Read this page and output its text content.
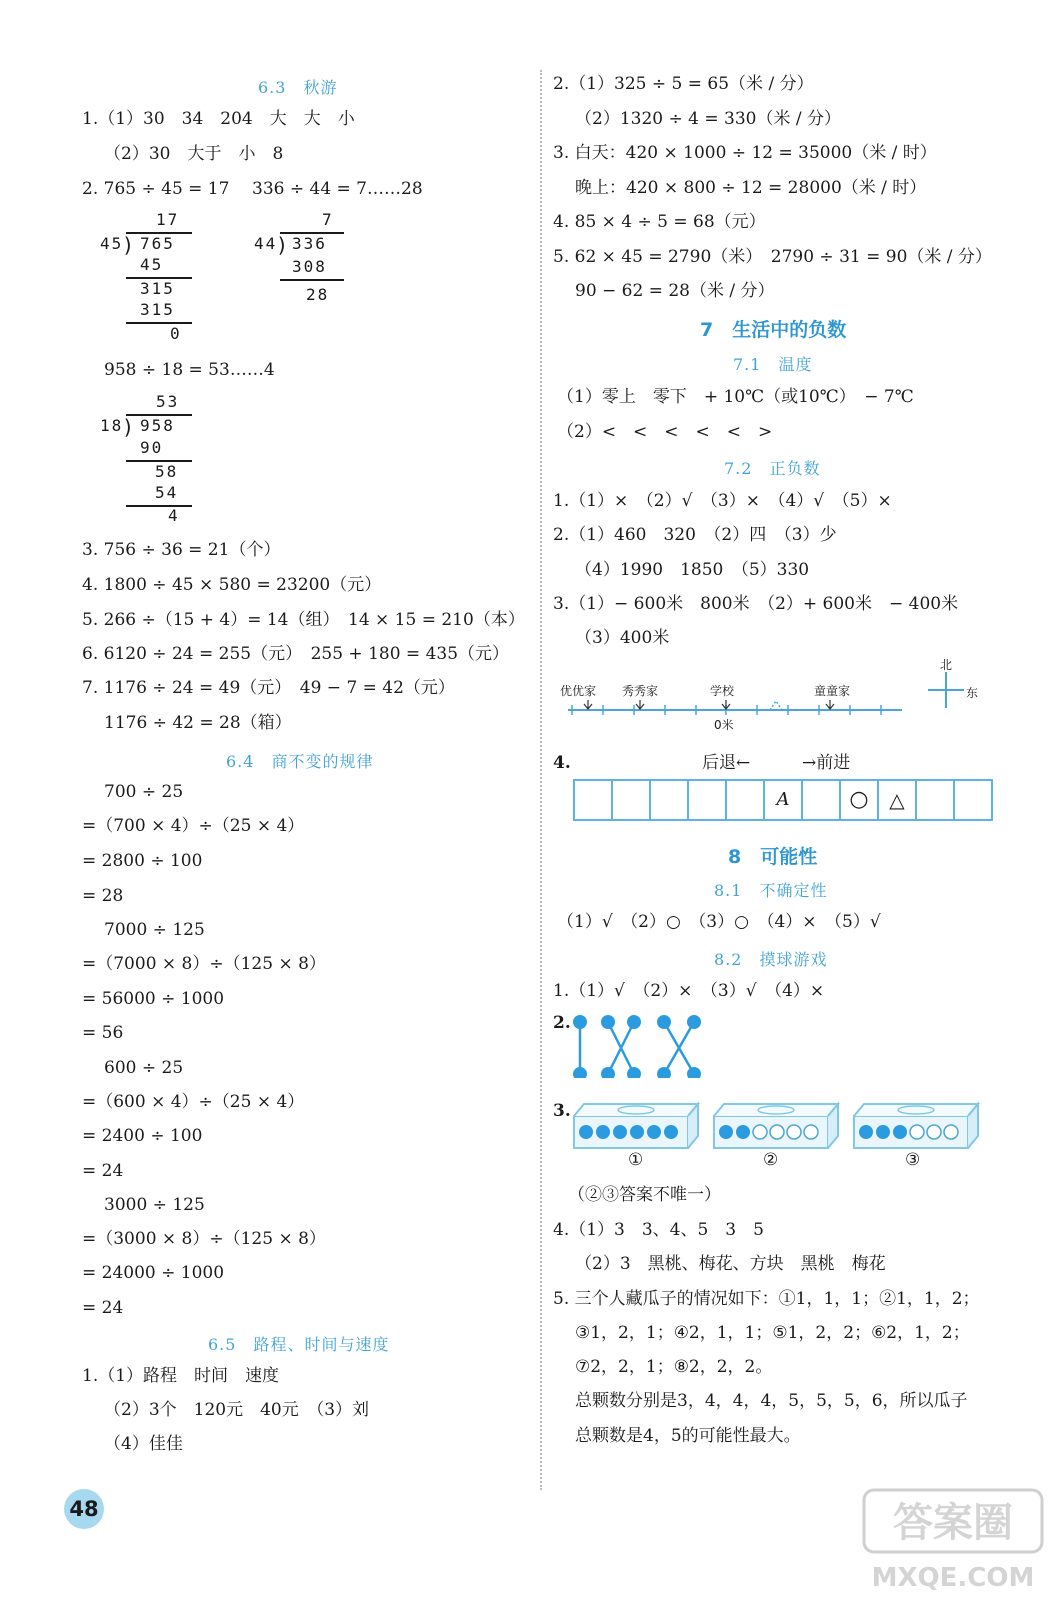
6.3　秋游
1.（1）30　34　204　大　大　小
（2）30　大于　小　8
2. 765 ÷ 45 = 17 336 ÷ 44 = 7……28
17
45
) 765
45
315
315
0
7
44
) 336
308
28
958 ÷ 18 = 53……4
53
18
) 958
90
58
54
4
3. 756 ÷ 36 = 21（个）
4. 1800 ÷ 45 × 580 = 23200（元）
5. 266 ÷（15 + 4）= 14（组）　14 × 15 = 210（本）
6. 6120 ÷ 24 = 255（元）　255 + 180 = 435（元）
7. 1176 ÷ 24 = 49（元）　49 − 7 = 42（元）
1176 ÷ 42 = 28（箱）
6.4　商不变的规律
700 ÷ 25
=（700 × 4）÷（25 × 4）
= 2800 ÷ 100
= 28
7000 ÷ 125
=（7000 × 8）÷（125 × 8）
= 56000 ÷ 1000
= 56
600 ÷ 25
=（600 × 4）÷（25 × 4）
= 2400 ÷ 100
= 24
3000 ÷ 125
=（3000 × 8）÷（125 × 8）
= 24000 ÷ 1000
= 24
6.5　路程、时间与速度
1.（1）路程　时间　速度
（2）3个　120元　40元　（3）刘
（4）佳佳
2.（1）325 ÷ 5 = 65（米 / 分）
（2）1320 ÷ 4 = 330（米 / 分）
3. 白天：420 × 1000 ÷ 12 = 35000（米 / 时）
晚上：420 × 800 ÷ 12 = 28000（米 / 时）
4. 85 × 4 ÷ 5 = 68（元）
5. 62 × 45 = 2790（米）　2790 ÷ 31 = 90（米 / 分）
90 − 62 = 28（米 / 分）
7　生活中的负数
7.1　温度
（1）零上　零下　+ 10℃（或10℃）　− 7℃
（2）<　<　<　<　<　>
7.2　正负数
1.（1）×　（2）√　（3）×　（4）√　（5）×
2.（1）460　320　（2）四　（3）少
（4）1990　1850　（5）330
3.（1）− 600米　800米　（2）+ 600米　− 400米
（3）400米
优优家 秀秀家	学校	童童家
0米
北
东
4.	后退←	→前进
A	○	△
8　可能性
8.1　不确定性
（1）√　（2）○　（3）○　（4）×　（5）√
8.2　摸球游戏
1.（1）√　（2）×　（3）√　（4）×
2.
3.
①	②	③
（②③答案不唯一）
4.（1）3　3、4、5　3　5
（2）3　黑桃、梅花、方块　黑桃　梅花
5. 三个人藏瓜子的情况如下：①1，1，1；②1，1，2；
③1，2，1；④2，1，1；⑤1，2，2；⑥2，1，2；
⑦2，2，1；⑧2，2，2。
总颗数分别是3，4，4，4，5，5，5，6，所以瓜子
总颗数是4，5的可能性最大。
48	答案圈
MXQE.COM
